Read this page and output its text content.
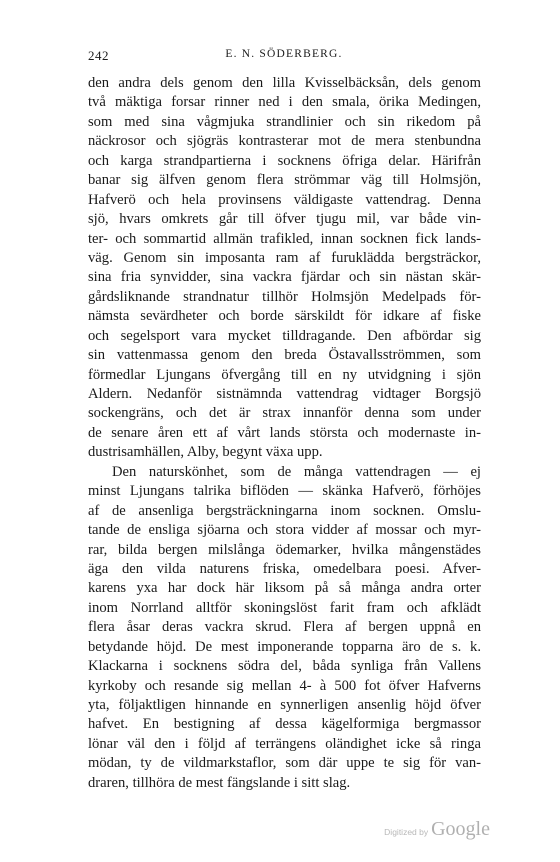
242	E. N. SÖDERBERG.
den andra dels genom den lilla Kvisselbäcksån, dels genom
två mäktiga forsar rinner ned i den smala, örika Medingen,
som med sina vågmjuka strandlinier och sin rikedom på
näckrosor och sjögräs kontrasterar mot de mera stenbundna
och karga strandpartierna i socknens öfriga delar. Härifrån
banar sig älfven genom flera strömmar väg till Holmsjön,
Hafverö och hela provinsens väldigaste vattendrag. Denna
sjö, hvars omkrets går till öfver tjugu mil, var både vin-
ter- och sommartid allmän trafikled, innan socknen fick lands-
väg. Genom sin imposanta ram af furuklädda bergsträckor,
sina fria synvidder, sina vackra fjärdar och sin nästan skär-
gårdsliknande strandnatur tillhör Holmsjön Medelpads för-
nämsta sevärdheter och borde särskildt för idkare af fiske
och segelsport vara mycket tilldragande. Den afbördar sig
sin vattenmassa genom den breda Östavallsströmmen, som
förmedlar Ljungans öfvergång till en ny utvidgning i sjön
Aldern. Nedanför sistnämnda vattendrag vidtager Borgsjö
sockengräns, och det är strax innanför denna som under
de senare åren ett af vårt lands största och modernaste in-
dustrisamhällen, Alby, begynt växa upp.
Den naturskönhet, som de många vattendragen — ej
minst Ljungans talrika biflöden — skänka Hafverö, förhöjes
af de ansenliga bergsträckningarna inom socknen. Omslu-
tande de ensliga sjöarna och stora vidder af mossar och myr-
rar, bilda bergen milslånga ödemarker, hvilka mångenstädes
äga den vilda naturens friska, omedelbara poesi. Afver-
karens yxa har dock här liksom på så många andra orter
inom Norrland alltför skoningslöst farit fram och afklädt
flera åsar deras vackra skrud. Flera af bergen uppnå en
betydande höjd. De mest imponerande topparna äro de s. k.
Klackarna i socknens södra del, båda synliga från Vallens
kyrkoby och resande sig mellan 4- à 500 fot öfver Hafverns
yta, följaktligen hinnande en synnerligen ansenlig höjd öfver
hafvet. En bestigning af dessa kägelformiga bergmassor
lönar väl den i följd af terrängens oländighet icke så ringa
mödan, ty de vildmarkstaflor, som där uppe te sig för van-
draren, tillhöra de mest fängslande i sitt slag.
Digitized by Google
